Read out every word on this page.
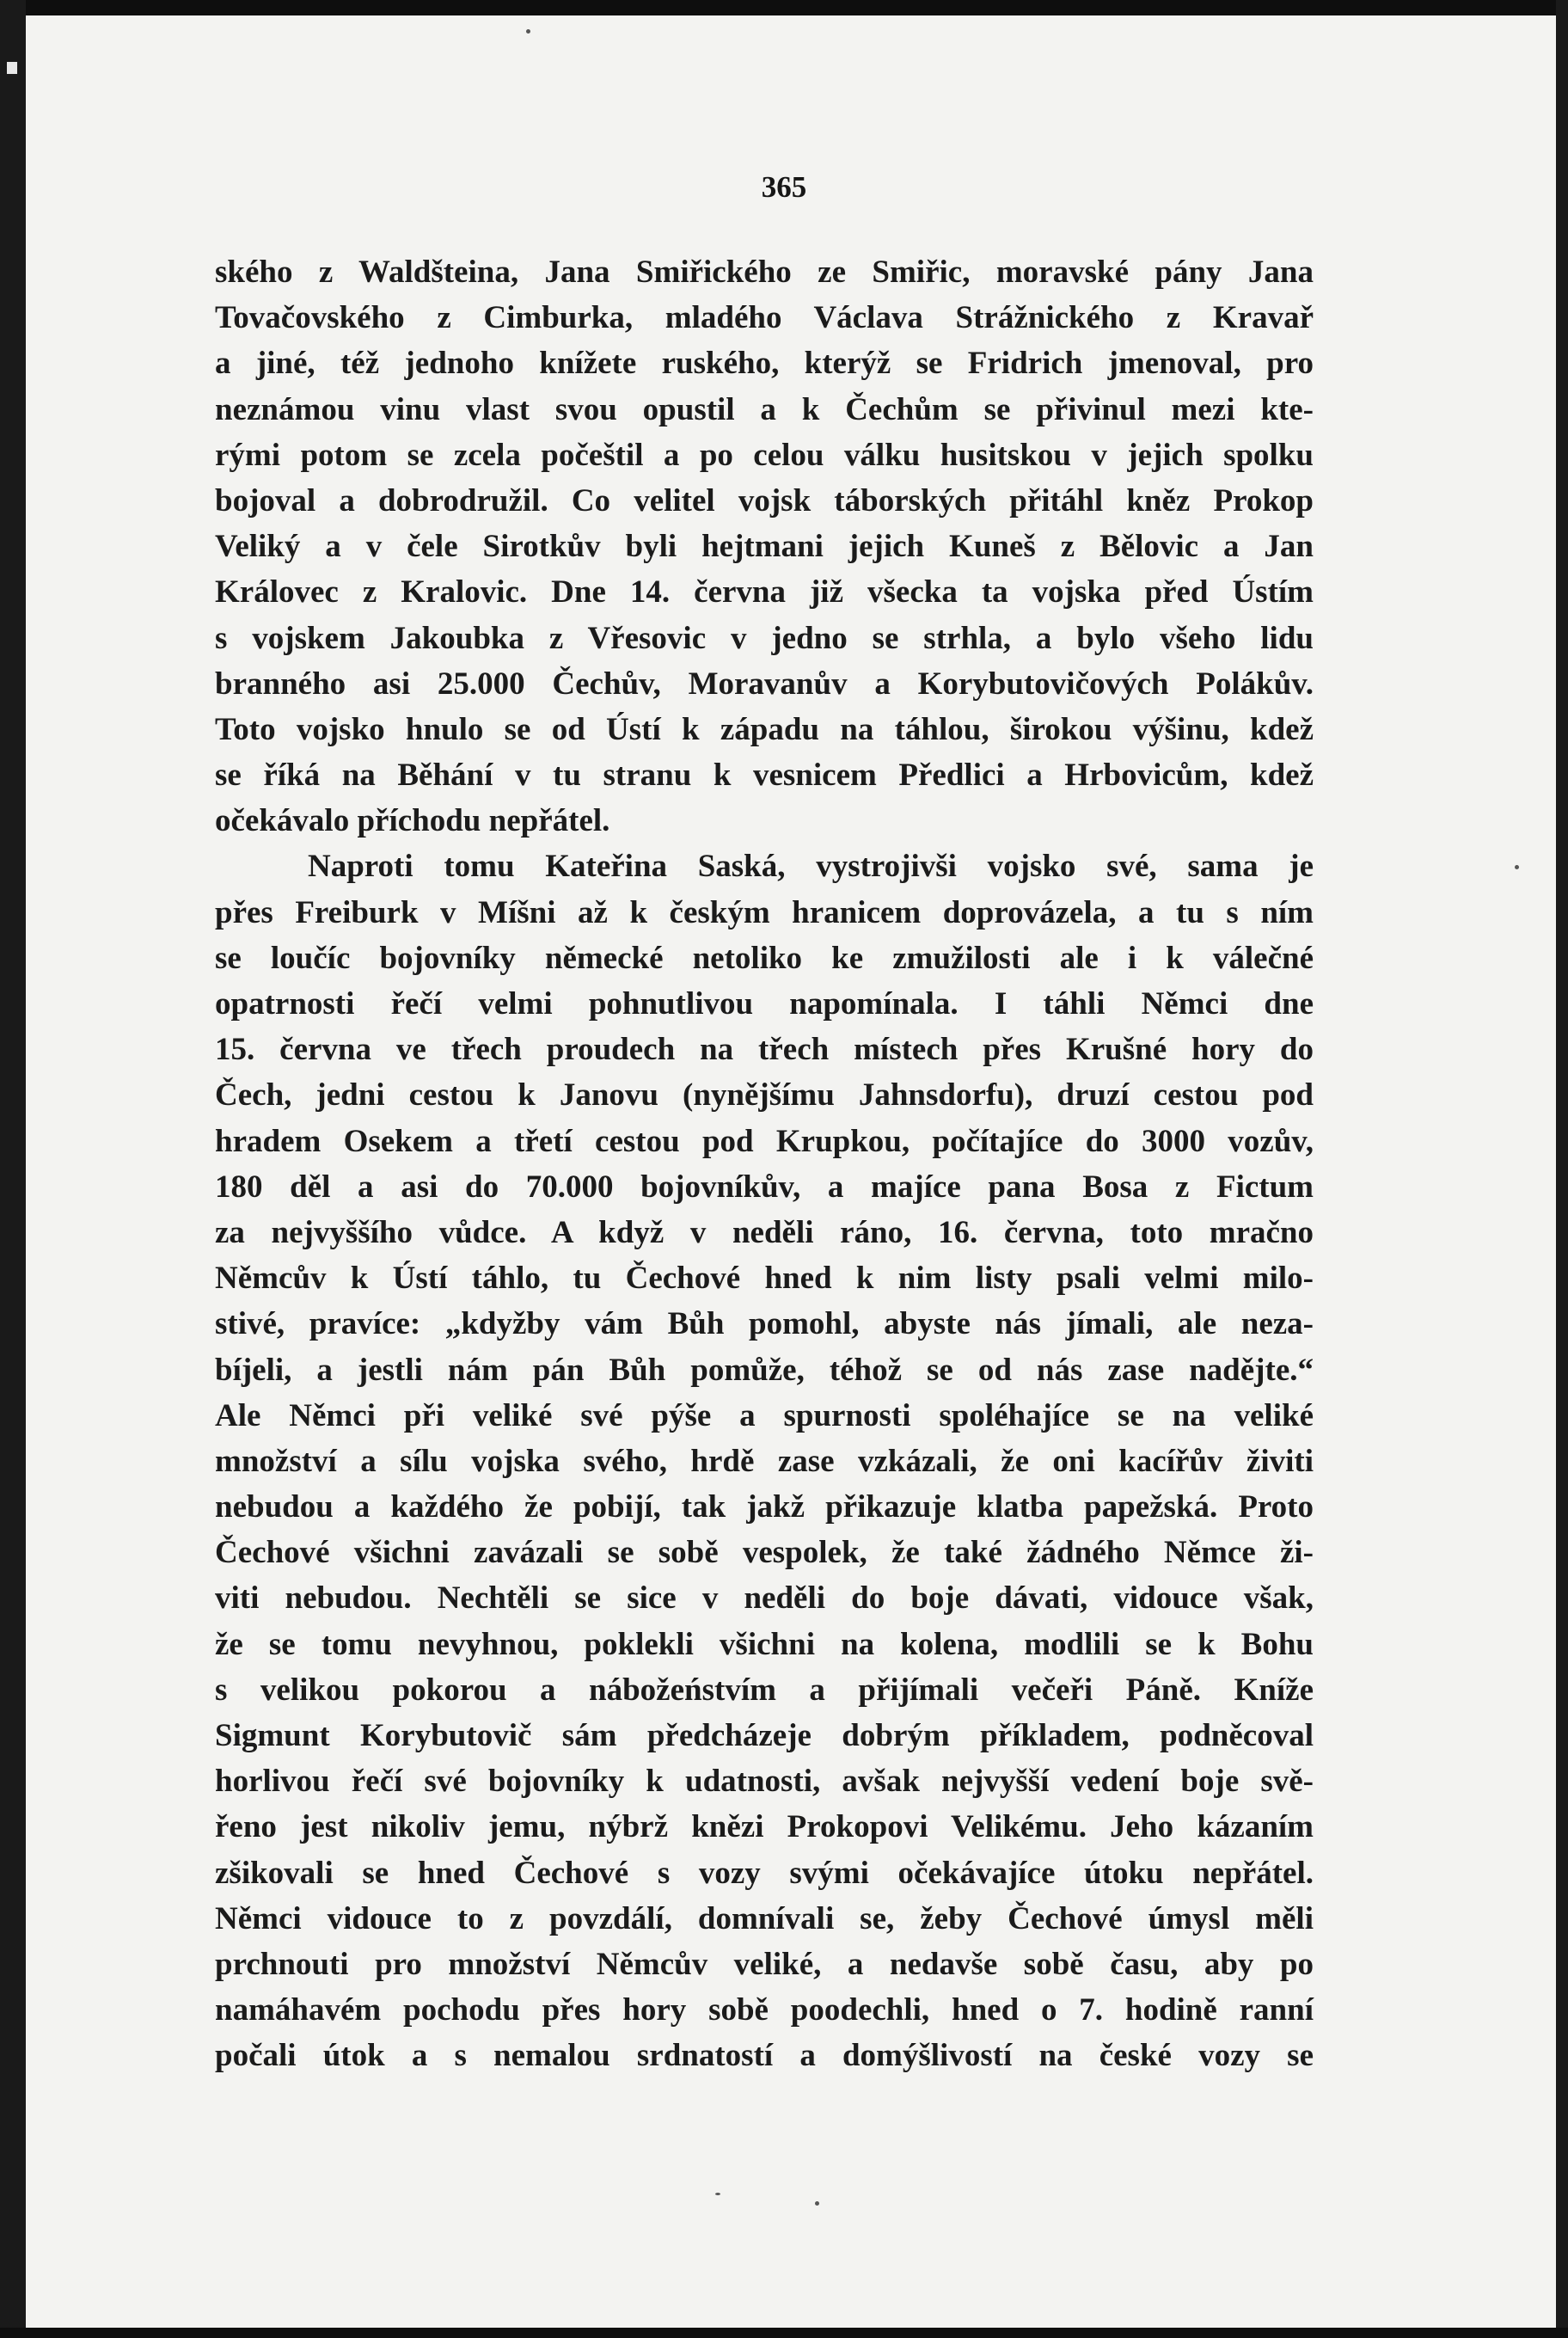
365
ského z Waldšteina, Jana Smiřického ze Smiřic, moravské pány Jana
Tovačovského z Cimburka, mladého Václava Strážnického z Kravař
a jiné, též jednoho knížete ruského, kterýž se Fridrich jmenoval, pro
neznámou vinu vlast svou opustil a k Čechům se přivinul mezi kte-
rými potom se zcela počeštil a po celou válku husitskou v jejich spolku
bojoval a dobrodružil. Co velitel vojsk táborských přitáhl kněz Prokop
Veliký a v čele Sirotkův byli hejtmani jejich Kuneš z Bělovic a Jan
Královec z Kralovic. Dne 14. června již všecka ta vojska před Ústím
s vojskem Jakoubka z Vřesovic v jedno se strhla, a bylo všeho lidu
branného asi 25.000 Čechův, Moravanův a Korybutovičových Polákův.
Toto vojsko hnulo se od Ústí k západu na táhlou, širokou výšinu, kdež
se říká na Běhání v tu stranu k vesnicem Předlici a Hrbovicům, kdež
očekávalo příchodu nepřátel.
Naproti tomu Kateřina Saská, vystrojivši vojsko své, sama je
přes Freiburk v Míšni až k českým hranicem doprovázela, a tu s ním
se loučíc bojovníky německé netoliko ke zmužilosti ale i k válečné
opatrnosti řečí velmi pohnutlivou napomínala. I táhli Němci dne
15. června ve třech proudech na třech místech přes Krušné hory do
Čech, jedni cestou k Janovu (nynějšímu Jahnsdorfu), druzí cestou pod
hradem Osekem a třetí cestou pod Krupkou, počítajíce do 3000 vozův,
180 děl a asi do 70.000 bojovníkův, a majíce pana Bosa z Fictum
za nejvyššího vůdce. A když v neděli ráno, 16. června, toto mračno
Němcův k Ústí táhlo, tu Čechové hned k nim listy psali velmi milo-
stivé, pravíce: „kdyžby vám Bůh pomohl, abyste nás jímali, ale neza-
bíjeli, a jestli nám pán Bůh pomůže, téhož se od nás zase nadějte.“
Ale Němci při veliké své pýše a spurnosti spoléhajíce se na veliké
množství a sílu vojska svého, hrdě zase vzkázali, že oni kacířův živiti
nebudou a každého že pobijí, tak jakž přikazuje klatba papežská. Proto
Čechové všichni zavázali se sobě vespolek, že také žádného Němce ži-
viti nebudou. Nechtěli se sice v neděli do boje dávati, vidouce však,
že se tomu nevyhnou, poklekli všichni na kolena, modlili se k Bohu
s velikou pokorou a nábožeństvím a přijímali večeři Páně. Kníže
Sigmunt Korybutovič sám předcházeje dobrým příkladem, podněcoval
horlivou řečí své bojovníky k udatnosti, avšak nejvyšší vedení boje svě-
řeno jest nikoliv jemu, nýbrž knězi Prokopovi Velikému. Jeho kázaním
zšikovali se hned Čechové s vozy svými očekávajíce útoku nepřátel.
Němci vidouce to z povzdálí, domnívali se, žeby Čechové úmysl měli
prchnouti pro množství Němcův veliké, a nedavše sobě času, aby po
namáhavém pochodu přes hory sobě poodechli, hned o 7. hodině ranní
počali útok a s nemalou srdnatostí a domýšlivostí na české vozy se
